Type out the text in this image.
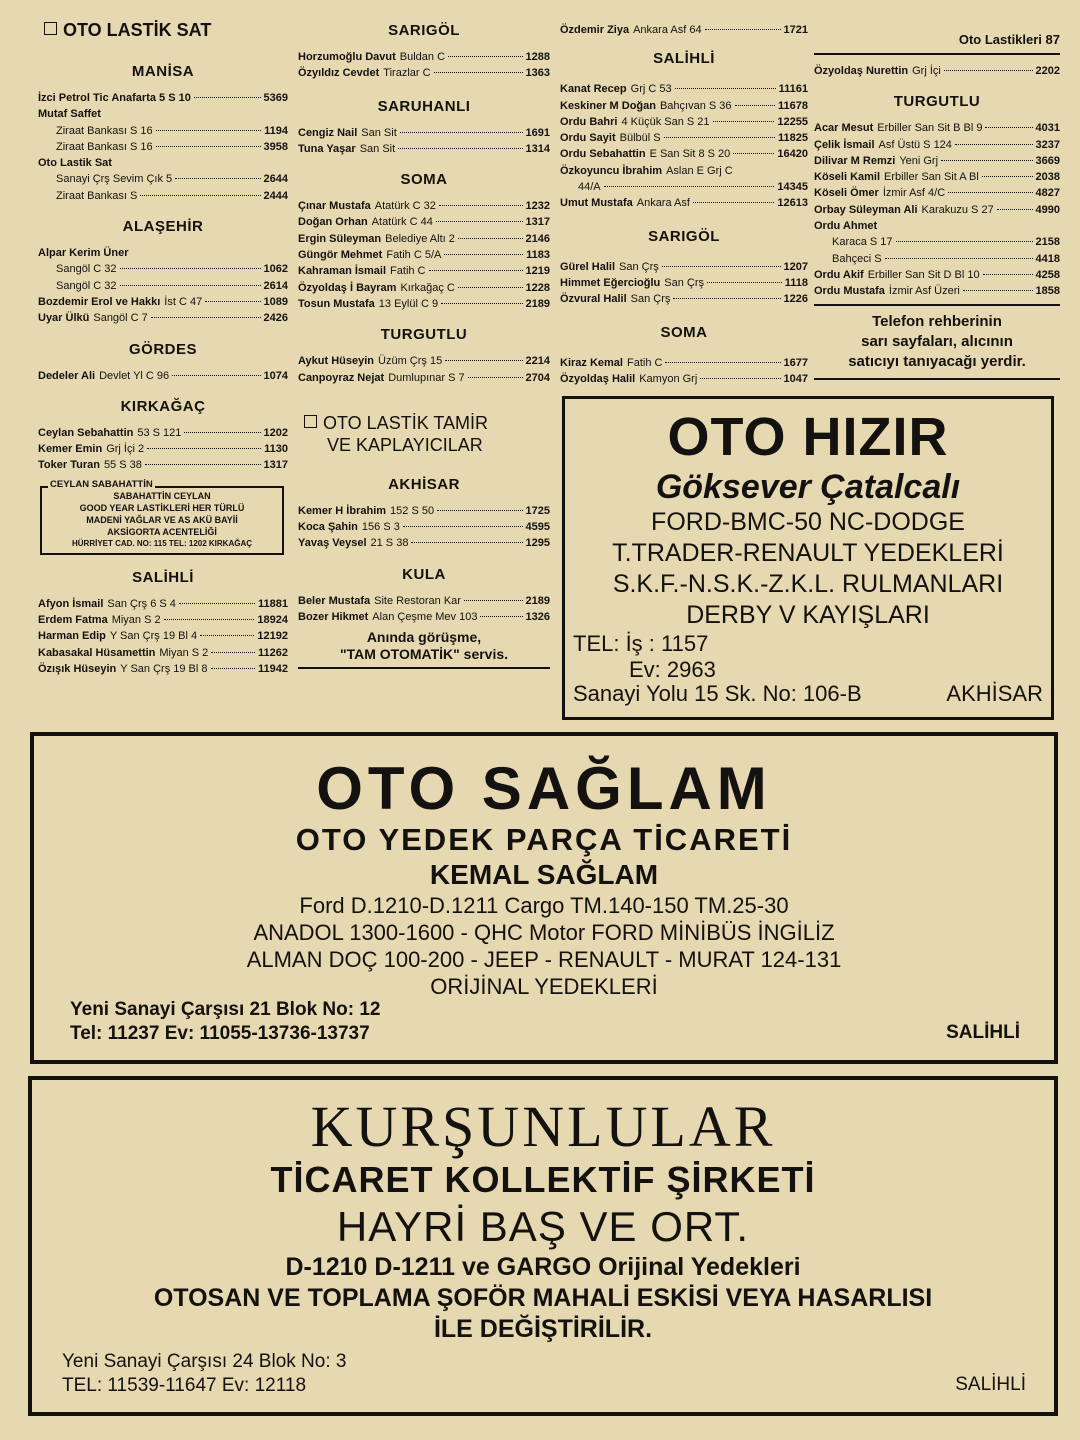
OTO LASTİK SAT
MANİSA
İzci Petrol Tic Anafarta 5 S 10	5369
Mutaf Saffet
Ziraat Bankası S 16	1194
Ziraat Bankası S 16	3958
Oto Lastik Sat
Sanayi Çrş Sevim Çık 5	2644
Ziraat Bankası S	2444
ALAŞEHİR
Alpar Kerim Üner
Sangöl C 32	1062
Sangöl C 32	2614
Bozdemir Erol ve Hakkı İst C 47	1089
Uyar Ülkü Sangöl C 7	2426
GÖRDES
Dedeler Ali Devlet Yl C 96	1074
KIRKAĞAÇ
Ceylan Sebahattin 53 S 121	1202
Kemer Emin Grj İçi 2	1130
Toker Turan 55 S 38	1317
CEYLAN SABAHATTİN
SABAHATTİN CEYLAN
GOOD YEAR LASTİKLERİ HER TÜRLÜ
MADENİ YAĞLAR VE AS AKÜ BAYİİ
AKSİGORTA ACENTELİĞİ
HÜRRİYET CAD. NO: 115 TEL: 1202 KIRKAĞAÇ
SALİHLİ
Afyon İsmail San Çrş 6 S 4	11881
Erdem Fatma Miyan S 2	18924
Harman Edip Y San Çrş 19 Bl 4	12192
Kabasakal Hüsamettin Miyan S 2	11262
Özışık Hüseyin Y San Çrş 19 Bl 8	11942
SARIGÖL
Horzumoğlu Davut Buldan C	1288
Özyıldız Cevdet Tirazlar C	1363
SARUHANLI
Cengiz Nail San Sit	1691
Tuna Yaşar San Sit	1314
SOMA
Çınar Mustafa Atatürk C 32	1232
Doğan Orhan Atatürk C 44	1317
Ergin Süleyman Belediye Altı 2	2146
Güngör Mehmet Fatih C 5/A	1183
Kahraman İsmail Fatih C	1219
Özyoldaş İ Bayram Kırkağaç C	1228
Tosun Mustafa 13 Eylül C 9	2189
TURGUTLU
Aykut Hüseyin Üzüm Çrş 15	2214
Canpoyraz Nejat Dumlupınar S 7	2704
OTO LASTİK TAMİR
VE KAPLAYICILAR
AKHİSAR
Kemer H İbrahim 152 S 50	1725
Koca Şahin 156 S 3	4595
Yavaş Veysel 21 S 38	1295
KULA
Beler Mustafa Site Restoran Kar	2189
Bozer Hikmet Alan Çeşme Mev 103	1326
Anında görüşme,
"TAM OTOMATİK" servis.
Özdemir Ziya Ankara Asf 64	1721
SALİHLİ
Kanat Recep Grj C 53	11161
Keskiner M Doğan Bahçıvan S 36	11678
Ordu Bahri 4 Küçük San S 21	12255
Ordu Sayit Bülbül S	11825
Ordu Sebahattin E San Sit 8 S 20	16420
Özkoyuncu İbrahim Aslan E Grj C
44/A	14345
Umut Mustafa Ankara Asf	12613
SARIGÖL
Gürel Halil San Çrş	1207
Himmet Eğercioğlu San Çrş	1118
Özvural Halil San Çrş	1226
SOMA
Kiraz Kemal Fatih C	1677
Özyoldaş Halil Kamyon Grj	1047
Oto Lastikleri 87
Özyoldaş Nurettin Grj İçi	2202
TURGUTLU
Acar Mesut Erbiller San Sit B Bl 9	4031
Çelik İsmail Asf Üstü S 124	3237
Dilivar M Remzi Yeni Grj	3669
Köseli Kamil Erbiller San Sit A Bl	2038
Köseli Ömer İzmir Asf 4/C	4827
Orbay Süleyman Ali Karakuzu S 27	4990
Ordu Ahmet
Karaca S 17	2158
Bahçeci S	4418
Ordu Akif Erbiller San Sit D Bl 10	4258
Ordu Mustafa İzmir Asf Üzeri	1858
Telefon rehberinin
sarı sayfaları, alıcının
satıcıyı tanıyacağı yerdir.
OTO HIZIR
Göksever Çatalcalı
FORD-BMC-50 NC-DODGE
T.TRADER-RENAULT YEDEKLERİ
S.K.F.-N.S.K.-Z.K.L. RULMANLARI
DERBY V KAYIŞLARI
TEL: İş : 1157
Ev: 2963
Sanayi Yolu 15 Sk. No: 106-B	AKHİSAR
OTO SAĞLAM
OTO YEDEK PARÇA TİCARETİ
KEMAL SAĞLAM
Ford D.1210-D.1211 Cargo TM.140-150 TM.25-30
ANADOL 1300-1600 - QHC Motor FORD MİNİBÜS İNGİLİZ
ALMAN DOÇ 100-200 - JEEP - RENAULT - MURAT 124-131
ORİJİNAL YEDEKLERİ
Yeni Sanayi Çarşısı 21 Blok No: 12
Tel: 11237 Ev: 11055-13736-13737	SALİHLİ
KURŞUNLULAR
TİCARET KOLLEKTİF ŞİRKETİ
HAYRİ BAŞ VE ORT.
D-1210 D-1211 ve GARGO Orijinal Yedekleri
OTOSAN VE TOPLAMA ŞOFÖR MAHALİ ESKİSİ VEYA HASARLISI
İLE DEĞİŞTİRİLİR.
Yeni Sanayi Çarşısı 24 Blok No: 3
TEL: 11539-11647 Ev: 12118	SALİHLİ
